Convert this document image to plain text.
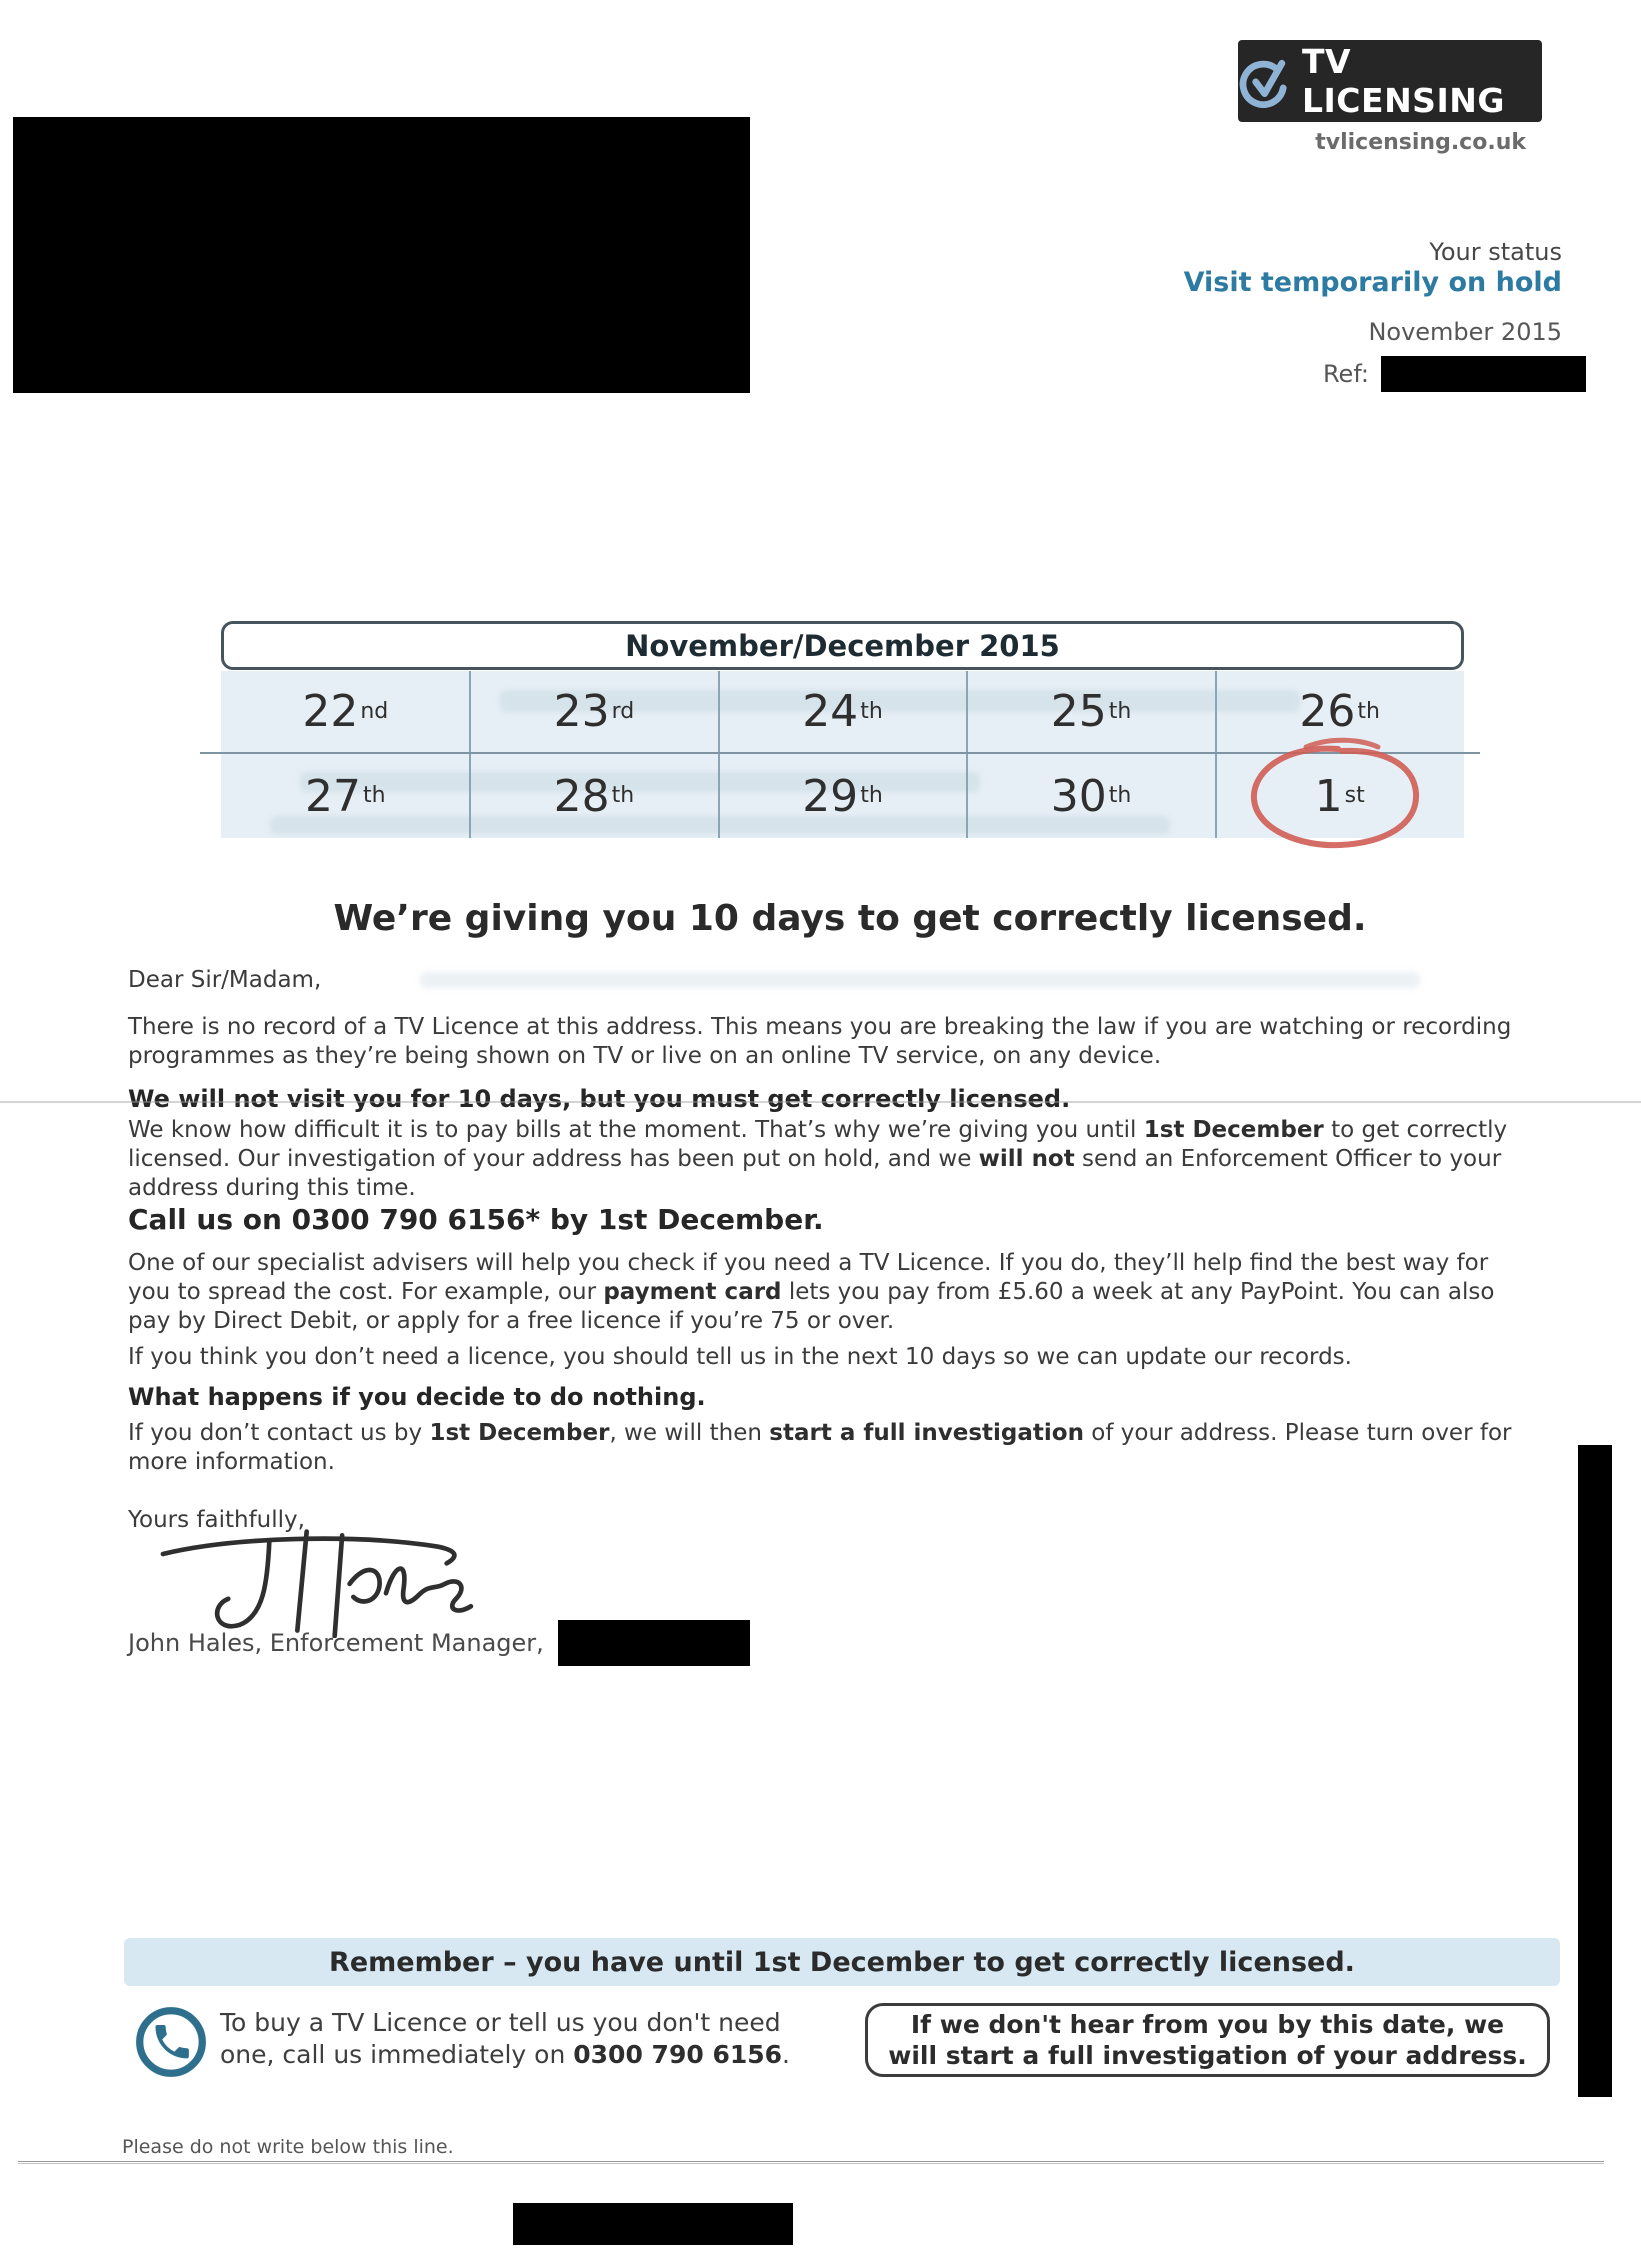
TV LICENSING
tvlicensing.co.uk
Your status
Visit temporarily on hold
November 2015
Ref:
November/December 2015
22 nd	23 rd	24 th	25 th	26 th
27 th	28 th	29 th	30 th	1 st
We’re giving you 10 days to get correctly licensed.
Dear Sir/Madam,
There is no record of a TV Licence at this address. This means you are breaking the law if you are watching or recording programmes as they’re being shown on TV or live on an online TV service, on any device.
We will not visit you for 10 days, but you must get correctly licensed.
We know how difficult it is to pay bills at the moment. That’s why we’re giving you until 1st December to get correctly licensed. Our investigation of your address has been put on hold, and we will not send an Enforcement Officer to your address during this time.
Call us on 0300 790 6156* by 1st December.
One of our specialist advisers will help you check if you need a TV Licence. If you do, they’ll help find the best way for you to spread the cost. For example, our payment card lets you pay from £5.60 a week at any PayPoint. You can also pay by Direct Debit, or apply for a free licence if you’re 75 or over.
If you think you don’t need a licence, you should tell us in the next 10 days so we can update our records.
What happens if you decide to do nothing.
If you don’t contact us by 1st December, we will then start a full investigation of your address. Please turn over for more information.
Yours faithfully,
John Hales, Enforcement Manager,
Remember – you have until 1st December to get correctly licensed.
To buy a TV Licence or tell us you don't need
one, call us immediately on 0300 790 6156.
If we don't hear from you by this date, we
will start a full investigation of your address.
Please do not write below this line.
